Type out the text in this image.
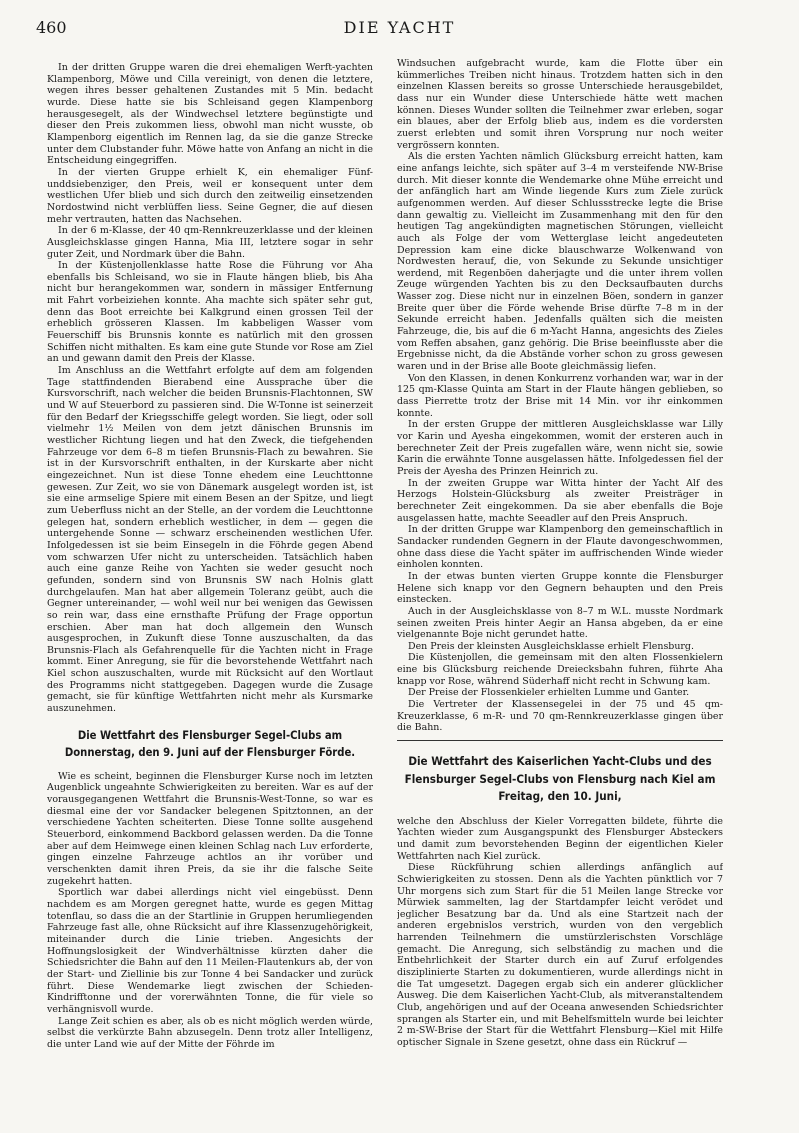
460	DIE YACHT

In der dritten Gruppe waren die drei ehemaligen Werft-yachten Klampenborg, Möwe und Cilla vereinigt, von denen die letztere, wegen ihres besser gehaltenen Zustandes mit 5 Min. bedacht wurde. Diese hatte sie bis Schleisand gegen Klampenborg herausgesegelt, als der Windwechsel letztere begünstigte und dieser den Preis zukommen liess, obwohl man nicht wusste, ob Klampenborg eigentlich im Rennen lag, da sie die ganze Strecke unter dem Clubstander fuhr. Möwe hatte von Anfang an nicht in die Entscheidung eingegriffen.

In der vierten Gruppe erhielt K, ein ehemaliger Fünf-unddsiebenziger, den Preis, weil er konsequent unter dem westlichen Ufer blieb und sich durch den zeitweilig einsetzenden Nordostwind nicht verblüffen liess. Seine Gegner, die auf diesen mehr vertrauten, hatten das Nachsehen.

In der 6 m-Klasse, der 40 qm-Rennkreuzerklasse und der kleinen Ausgleichsklasse gingen Hanna, Mia III, letztere sogar in sehr guter Zeit, und Nordmark über die Bahn.

In der Küstenjollenklasse hatte Rose die Führung vor Aha ebenfalls bis Schleisand, wo sie in Flaute hängen blieb, bis Aha nicht bur herangekommen war, sondern in mässiger Entfernung mit Fahrt vorbeiziehen konnte. Aha machte sich später sehr gut, denn das Boot erreichte bei Kalkgrund einen grossen Teil der erheblich grösseren Klassen. Im kabbeligen Wasser vom Feuerschiff bis Brunsnis konnte es natürlich mit den grossen Schiffen nicht mithalten. Es kam eine gute Stunde vor Rose am Ziel an und gewann damit den Preis der Klasse.

Im Anschluss an die Wettfahrt erfolgte auf dem am folgenden Tage stattfindenden Bierabend eine Aussprache über die Kursvorschrift, nach welcher die beiden Brunsnis-Flachtonnen, SW und W auf Steuerbord zu passieren sind. Die W-Tonne ist seinerzeit für den Bedarf der Kriegsschiffe gelegt worden. Sie liegt, oder soll vielmehr 1½ Meilen von dem jetzt dänischen Brunsnis im westlicher Richtung liegen und hat den Zweck, die tiefgehenden Fahrzeuge vor dem 6–8 m tiefen Brunsnis-Flach zu bewahren. Sie ist in der Kursvorschrift enthalten, in der Kurskarte aber nicht eingezeichnet. Nun ist diese Tonne ehedem eine Leuchttonne gewesen. Zur Zeit, wo sie von Dänemark ausgelegt worden ist, ist sie eine armselige Spiere mit einem Besen an der Spitze, und liegt zum Ueberfluss nicht an der Stelle, an der vordem die Leuchttonne gelegen hat, sondern erheblich westlicher, in dem — gegen die untergehende Sonne — schwarz erscheinenden westlichen Ufer. Infolgedessen ist sie beim Einsegeln in die Föhrde gegen Abend vom schwarzen Ufer nicht zu unterscheiden. Tatsächlich haben auch eine ganze Reihe von Yachten sie weder gesucht noch gefunden, sondern sind von Brunsnis SW nach Holnis glatt durchgelaufen. Man hat aber allgemein Toleranz geübt, auch die Gegner untereinander, — wohl weil nur bei wenigen das Gewissen so rein war, dass eine ernsthafte Prüfung der Frage opportun erschien. Aber man hat doch allgemein den Wunsch ausgesprochen, in Zukunft diese Tonne auszuschalten, da das Brunsnis-Flach als Gefahrenquelle für die Yachten nicht in Frage kommt. Einer Anregung, sie für die bevorstehende Wettfahrt nach Kiel schon auszuschalten, wurde mit Rücksicht auf den Wortlaut des Programms nicht stattgegeben. Dagegen wurde die Zusage gemacht, sie für künftige Wettfahrten nicht mehr als Kursmarke auszunehmen.

Die Wettfahrt des Flensburger Segel-Clubs am Donnerstag, den 9. Juni auf der Flensburger Förde.

Wie es scheint, beginnen die Flensburger Kurse noch im letzten Augenblick ungeahnte Schwierigkeiten zu bereiten. War es auf der vorausgegangenen Wettfahrt die Brunsnis-West-Tonne, so war es diesmal eine der vor Sandacker belegenen Spitztonnen, an der verschiedene Yachten scheiterten. Diese Tonne sollte ausgehend Steuerbord, einkommend Backbord gelassen werden. Da die Tonne aber auf dem Heimwege einen kleinen Schlag nach Luv erforderte, gingen einzelne Fahrzeuge achtlos an ihr vorüber und verschenkten damit ihren Preis, da sie ihr die falsche Seite zugekehrt hatten.

Sportlich war dabei allerdings nicht viel eingebüsst. Denn nachdem es am Morgen geregnet hatte, wurde es gegen Mittag totenflau, so dass die an der Startlinie in Gruppen herumliegenden Fahrzeuge fast alle, ohne Rücksicht auf ihre Klassenzugehörigkeit, miteinander durch die Linie trieben. Angesichts der Hoffnungslosigkeit der Windverhältnisse kürzten daher die Schiedsrichter die Bahn auf den 11 Meilen-Flautenkurs ab, der von der Start- und Ziellinie bis zur Tonne 4 bei Sandacker und zurück führt. Diese Wendemarke liegt zwischen der Schieden-Kindrifftonne und der vorerwähnten Tonne, die für viele so verhängnisvoll wurde.

Lange Zeit schien es aber, als ob es nicht möglich werden würde, selbst die verkürzte Bahn abzusegeln. Denn trotz aller Intelligenz, die unter Land wie auf der Mitte der Föhrde im

Windsuchen aufgebracht wurde, kam die Flotte über ein kümmerliches Treiben nicht hinaus. Trotzdem hatten sich in den einzelnen Klassen bereits so grosse Unterschiede herausgebildet, dass nur ein Wunder diese Unterschiede hätte wett machen können. Dieses Wunder sollten die Teilnehmer zwar erleben, sogar ein blaues, aber der Erfolg blieb aus, indem es die vordersten zuerst erlebten und somit ihren Vorsprung nur noch weiter vergrössern konnten.

Als die ersten Yachten nämlich Glücksburg erreicht hatten, kam eine anfangs leichte, sich später auf 3–4 m versteifende NW-Brise durch. Mit dieser konnte die Wendemarke ohne Mühe erreicht und der anfänglich hart am Winde liegende Kurs zum Ziele zurück aufgenommen werden. Auf dieser Schlussstrecke legte die Brise dann gewaltig zu. Vielleicht im Zusammenhang mit den für den heutigen Tag angekündigten magnetischen Störungen, vielleicht auch als Folge der vom Wetterglase leicht angedeuteten Depression kam eine dicke blauschwarze Wolkenwand von Nordwesten herauf, die, von Sekunde zu Sekunde unsichtiger werdend, mit Regenböen daherjagte und die unter ihrem vollen Zeuge würgenden Yachten bis zu den Decksaufbauten durchs Wasser zog. Diese nicht nur in einzelnen Böen, sondern in ganzer Breite quer über die Förde wehende Brise dürfte 7–8 m in der Sekunde erreicht haben. Jedenfalls quälten sich die meisten Fahrzeuge, die, bis auf die 6 m-Yacht Hanna, angesichts des Zieles vom Reffen absahen, ganz gehörig. Die Brise beeinflusste aber die Ergebnisse nicht, da die Abstände vorher schon zu gross gewesen waren und in der Brise alle Boote gleichmässig liefen.

Von den Klassen, in denen Konkurrenz vorhanden war, war in der 125 qm-Klasse Quinta am Start in der Flaute hängen geblieben, so dass Pierrette trotz der Brise mit 14 Min. vor ihr einkommen konnte.

In der ersten Gruppe der mittleren Ausgleichsklasse war Lilly vor Karin und Ayesha eingekommen, womit der ersteren auch in berechneter Zeit der Preis zugefallen wäre, wenn nicht sie, sowie Karin die erwähnte Tonne ausgelassen hätte. Infolgedessen fiel der Preis der Ayesha des Prinzen Heinrich zu.

In der zweiten Gruppe war Witta hinter der Yacht Alf des Herzogs Holstein-Glücksburg als zweiter Preisträger in berechneter Zeit eingekommen. Da sie aber ebenfalls die Boje ausgelassen hatte, machte Seeadler auf den Preis Anspruch.

In der dritten Gruppe war Klampenborg den gemeinschaftlich in Sandacker rundenden Gegnern in der Flaute davongeschwommen, ohne dass diese die Yacht später im auffrischenden Winde wieder einholen konnten.

In der etwas bunten vierten Gruppe konnte die Flensburger Helene sich knapp vor den Gegnern behaupten und den Preis einstecken.

Auch in der Ausgleichsklasse von 8–7 m W.L. musste Nordmark seinen zweiten Preis hinter Aegir an Hansa abgeben, da er eine vielgenannte Boje nicht gerundet hatte.

Den Preis der kleinsten Ausgleichsklasse erhielt Flensburg.

Die Küstenjollen, die gemeinsam mit den alten Flossenkielern eine bis Glücksburg reichende Dreiecksbahn fuhren, führte Aha knapp vor Rose, während Süderhaff nicht recht in Schwung kam.

Der Preise der Flossenkieler erhielten Lumme und Ganter.

Die Vertreter der Klassensegelei in der 75 und 45 qm-Kreuzerklasse, 6 m-R- und 70 qm-Rennkreuzerklasse gingen über die Bahn.

Die Wettfahrt des Kaiserlichen Yacht-Clubs und des Flensburger Segel-Clubs von Flensburg nach Kiel am Freitag, den 10. Juni,

welche den Abschluss der Kieler Vorregatten bildete, führte die Yachten wieder zum Ausgangspunkt des Flensburger Absteckers und damit zum bevorstehenden Beginn der eigentlichen Kieler Wettfahrten nach Kiel zurück.

Diese Rückführung schien allerdings anfänglich auf Schwierigkeiten zu stossen. Denn als die Yachten pünktlich vor 7 Uhr morgens sich zum Start für die 51 Meilen lange Strecke vor Mürwiek sammelten, lag der Startdampfer leicht verödet und jeglicher Besatzung bar da. Und als eine Startzeit nach der anderen ergebnislos verstrich, wurden von den vergeblich harrenden Teilnehmern die umstürzlerischsten Vorschläge gemacht. Die Anregung, sich selbständig zu machen und die Entbehrlichkeit der Starter durch ein auf Zuruf erfolgendes disziplinierte Starten zu dokumentieren, wurde allerdings nicht in die Tat umgesetzt. Dagegen ergab sich ein anderer glücklicher Ausweg. Die dem Kaiserlichen Yacht-Club, als mitveranstaltendem Club, angehörigen und auf der Oceana anwesenden Schiedsrichter sprangen als Starter ein, und mit Behelfsmitteln wurde bei leichter 2 m-SW-Brise der Start für die Wettfahrt Flensburg—Kiel mit Hilfe optischer Signale in Szene gesetzt, ohne dass ein Rückruf —
